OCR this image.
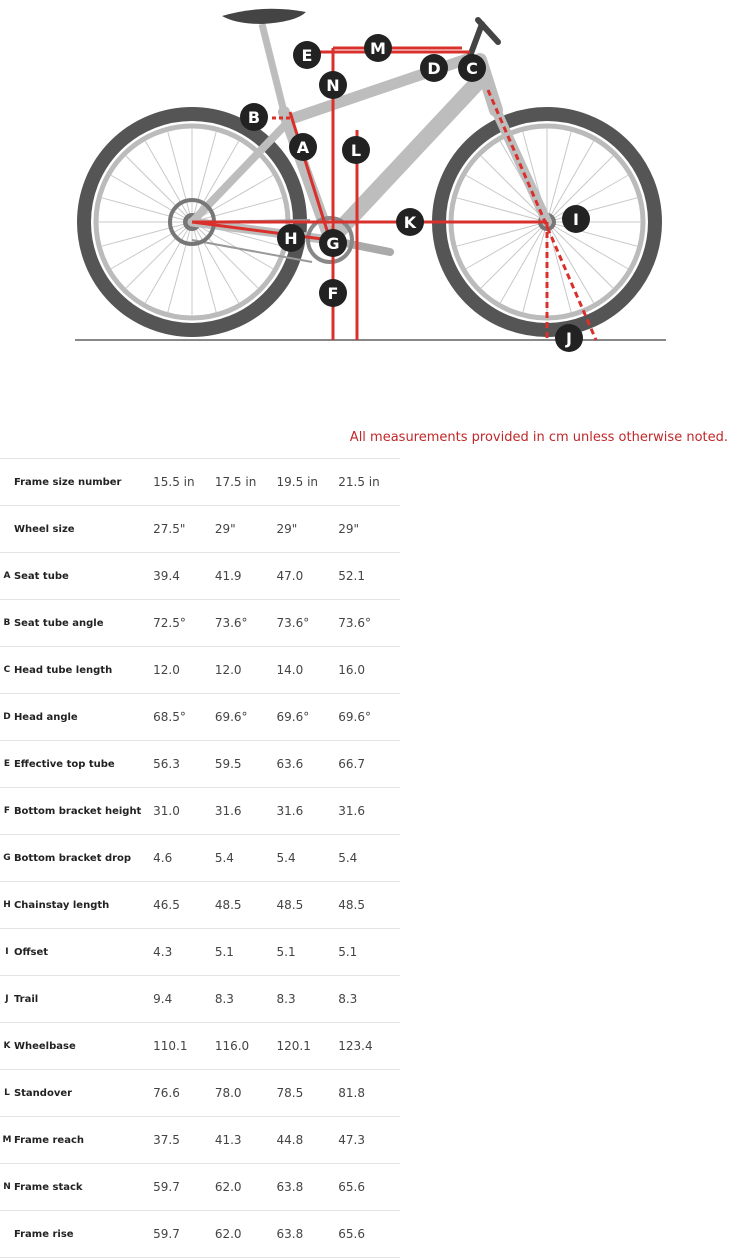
A
B
C
D
E
F
G
H
I
J
K
L
M
N
All measurements provided in cm unless otherwise noted.
	Frame size number	15.5 in	17.5 in	19.5 in	21.5 in
	Wheel size	27.5"	29"	29"	29"
A	Seat tube	39.4	41.9	47.0	52.1
B	Seat tube angle	72.5°	73.6°	73.6°	73.6°
C	Head tube length	12.0	12.0	14.0	16.0
D	Head angle	68.5°	69.6°	69.6°	69.6°
E	Effective top tube	56.3	59.5	63.6	66.7
F	Bottom bracket height	31.0	31.6	31.6	31.6
G	Bottom bracket drop	4.6	5.4	5.4	5.4
H	Chainstay length	46.5	48.5	48.5	48.5
I	Offset	4.3	5.1	5.1	5.1
J	Trail	9.4	8.3	8.3	8.3
K	Wheelbase	110.1	116.0	120.1	123.4
L	Standover	76.6	78.0	78.5	81.8
M	Frame reach	37.5	41.3	44.8	47.3
N	Frame stack	59.7	62.0	63.8	65.6
	Frame rise	59.7	62.0	63.8	65.6
